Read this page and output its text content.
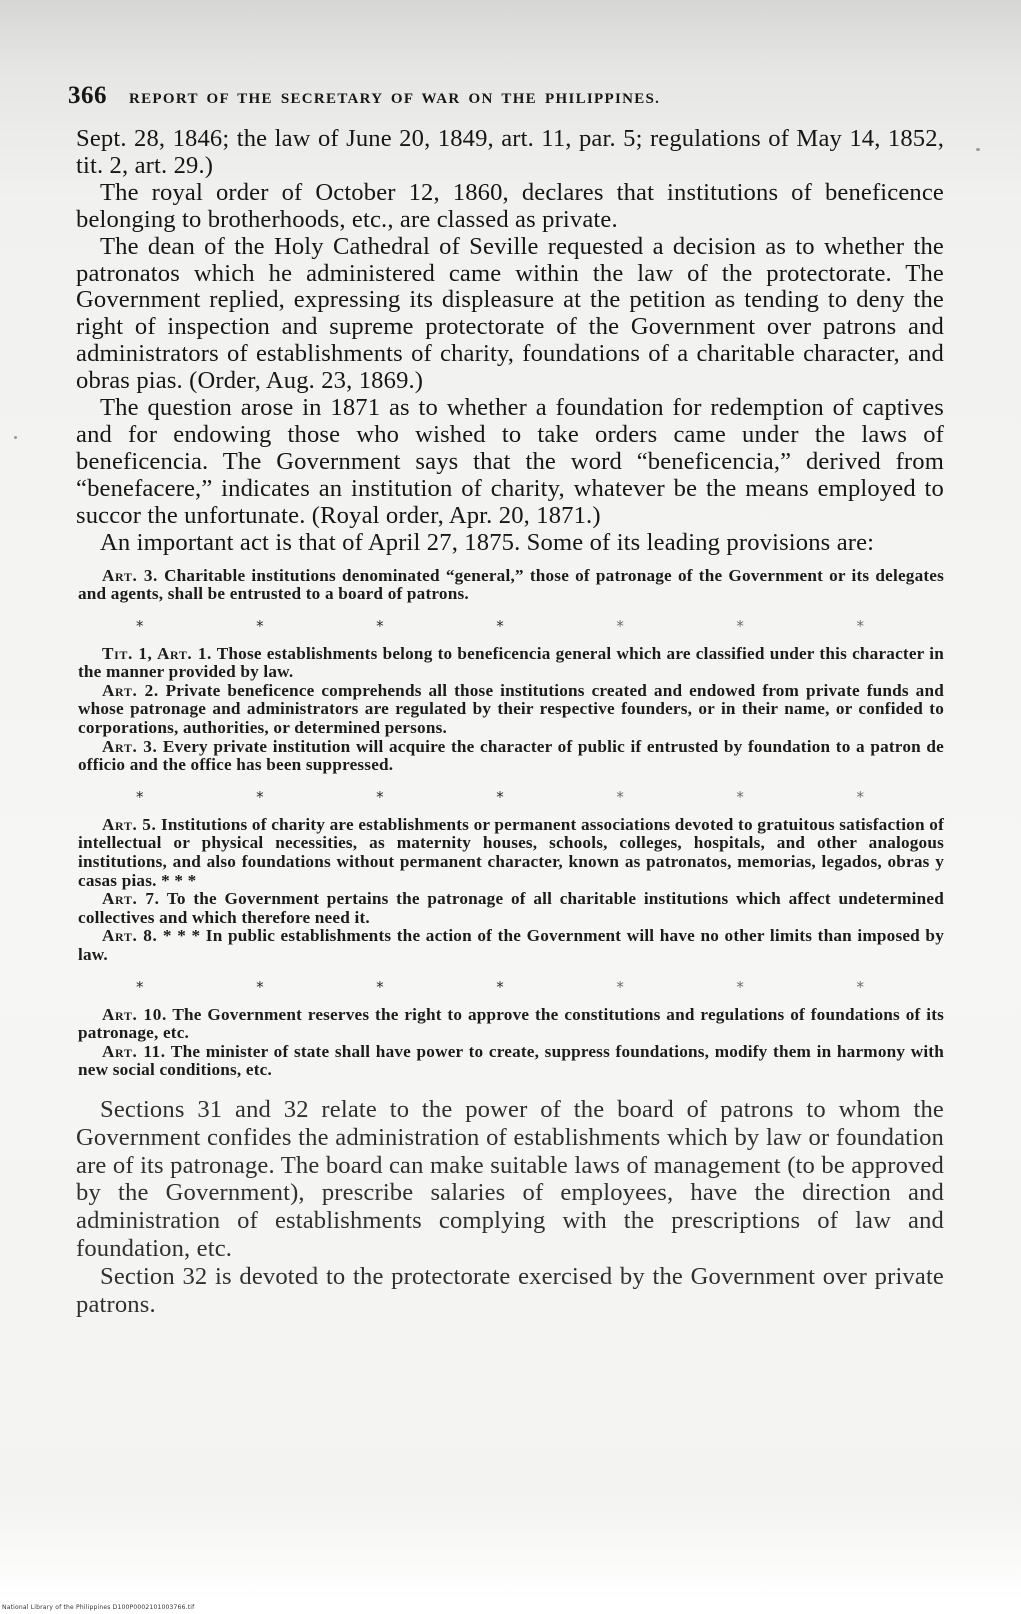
366 REPORT OF THE SECRETARY OF WAR ON THE PHILIPPINES.

Sept. 28, 1846; the law of June 20, 1849, art. 11, par. 5; regulations of May 14, 1852, tit. 2, art. 29.)

The royal order of October 12, 1860, declares that institutions of beneficence belonging to brotherhoods, etc., are classed as private.

The dean of the Holy Cathedral of Seville requested a decision as to whether the patronatos which he administered came within the law of the protectorate. The Government replied, expressing its displeasure at the petition as tending to deny the right of inspection and supreme protectorate of the Government over patrons and administrators of establishments of charity, foundations of a charitable character, and obras pias. (Order, Aug. 23, 1869.)

The question arose in 1871 as to whether a foundation for redemption of captives and for endowing those who wished to take orders came under the laws of beneficencia. The Government says that the word “beneficencia,” derived from “benefacere,” indicates an institution of charity, whatever be the means employed to succor the unfortunate. (Royal order, Apr. 20, 1871.)

An important act is that of April 27, 1875. Some of its leading provisions are:

Art. 3. Charitable institutions denominated “general,” those of patronage of the Government or its delegates and agents, shall be entrusted to a board of patrons.

*	*	*	*	*	*	*

Tit. 1, Art. 1. Those establishments belong to beneficencia general which are classified under this character in the manner provided by law.

Art. 2. Private beneficence comprehends all those institutions created and endowed from private funds and whose patronage and administrators are regulated by their respective founders, or in their name, or confided to corporations, authorities, or determined persons.

Art. 3. Every private institution will acquire the character of public if entrusted by foundation to a patron de officio and the office has been suppressed.

*	*	*	*	*	*	*

Art. 5. Institutions of charity are establishments or permanent associations devoted to gratuitous satisfaction of intellectual or physical necessities, as maternity houses, schools, colleges, hospitals, and other analogous institutions, and also foundations without permanent character, known as patronatos, memorias, legados, obras y casas pias. * * *

Art. 7. To the Government pertains the patronage of all charitable institutions which affect undetermined collectives and which therefore need it.

Art. 8. * * * In public establishments the action of the Government will have no other limits than imposed by law.

*	*	*	*	*	*	*

Art. 10. The Government reserves the right to approve the constitutions and regulations of foundations of its patronage, etc.

Art. 11. The minister of state shall have power to create, suppress foundations, modify them in harmony with new social conditions, etc.

Sections 31 and 32 relate to the power of the board of patrons to whom the Government confides the administration of establishments which by law or foundation are of its patronage. The board can make suitable laws of management (to be approved by the Government), prescribe salaries of employees, have the direction and administration of establishments complying with the prescriptions of law and foundation, etc.

Section 32 is devoted to the protectorate exercised by the Government over private patrons.

National Library of the Philippines D100P0002101003766.tif
